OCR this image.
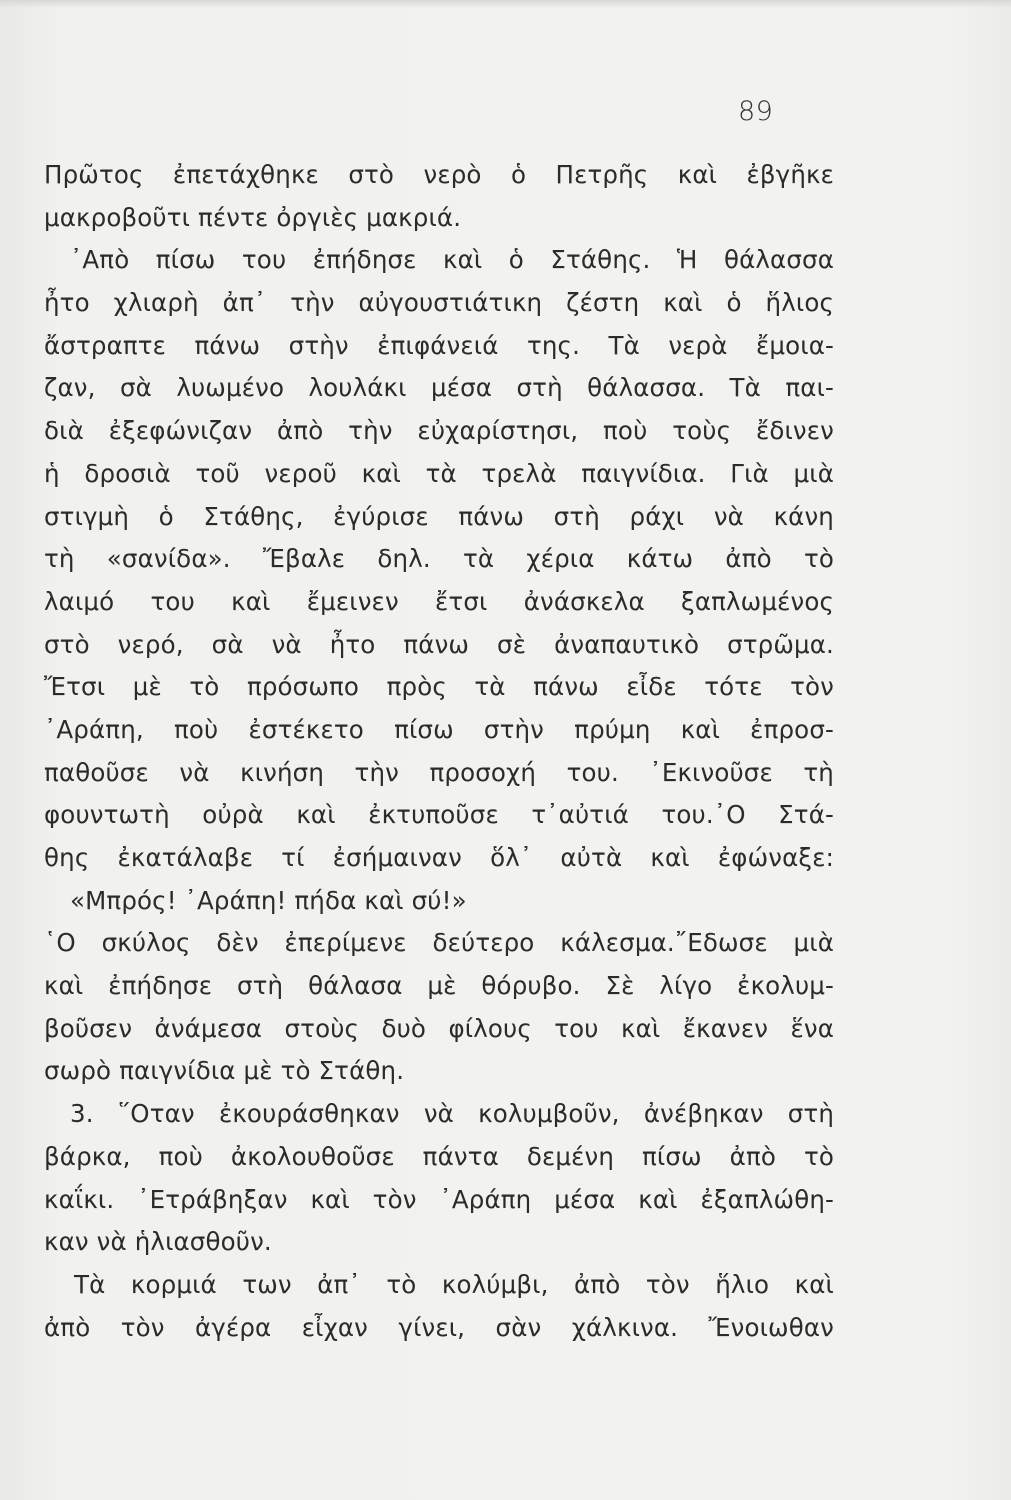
89
Πρῶτος ἐπετάχθηκε στὸ νερὸ ὁ Πετρῆς καὶ ἐβγῆκε
μακροβοῦτι πέντε ὀργιὲς μακριά.
᾿Απὸ πίσω του ἐπήδησε καὶ ὁ Στάθης. Ἡ θάλασσα
ἦτο χλιαρὴ ἀπ᾿ τὴν αὐγουστιάτικη ζέστη καὶ ὁ ἥλιος
ἄστραπτε πάνω στὴν ἐπιφάνειά της. Τὰ νερὰ ἔμοια-
ζαν, σὰ λυωμένο λουλάκι μέσα στὴ θάλασσα. Τὰ παι-
διὰ ἐξεφώνιζαν ἀπὸ τὴν εὐχαρίστησι, ποὺ τοὺς ἔδινεν
ἡ δροσιὰ τοῦ νεροῦ καὶ τὰ τρελὰ παιγνίδια. Γιὰ μιὰ
στιγμὴ ὁ Στάθης, ἐγύρισε πάνω στὴ ράχι νὰ κάνη
τὴ «σανίδα». Ἔβαλε δηλ. τὰ χέρια κάτω ἀπὸ τὸ
λαιμό του καὶ ἔμεινεν ἔτσι ἀνάσκελα ξαπλωμένος
στὸ νερό, σὰ νὰ ἦτο πάνω σὲ ἀναπαυτικὸ στρῶμα.
Ἔτσι μὲ τὸ πρόσωπο πρὸς τὰ πάνω εἶδε τότε τὸν
᾿Αράπη, ποὺ ἐστέκετο πίσω στὴν πρύμη καὶ ἐπροσ-
παθοῦσε νὰ κινήση τὴν προσοχή του. ᾿Εκινοῦσε τὴ
φουντωτὴ οὐρὰ καὶ ἐκτυποῦσε τ᾿αὐτιά του.᾿Ο Στά-
θης ἐκατάλαβε τί ἐσήμαιναν ὅλ᾿ αὐτὰ καὶ ἐφώναξε:
«Μπρός! ᾿Αράπη! πήδα καὶ σύ!»
῾Ο σκύλος δὲν ἐπερίμενε δεύτερο κάλεσμα.῎Εδωσε μιὰ
καὶ ἐπήδησε στὴ θάλασα μὲ θόρυβο. Σὲ λίγο ἐκολυμ-
βοῦσεν ἀνάμεσα στοὺς δυὸ φίλους του καὶ ἔκανεν ἕνα
σωρὸ παιγνίδια μὲ τὸ Στάθη.
3. ῞Οταν ἐκουράσθηκαν νὰ κολυμβοῦν, ἀνέβηκαν στὴ
βάρκα, ποὺ ἀκολουθοῦσε πάντα δεμένη πίσω ἀπὸ τὸ
καΐκι. ᾿Ετράβηξαν καὶ τὸν ᾿Αράπη μέσα καὶ ἐξαπλώθη-
καν νὰ ἡλιασθοῦν.
Τὰ κορμιά των ἀπ᾿ τὸ κολύμβι, ἀπὸ τὸν ἥλιο καὶ
ἀπὸ τὸν ἀγέρα εἶχαν γίνει, σὰν χάλκινα. Ἔνοιωθαν
